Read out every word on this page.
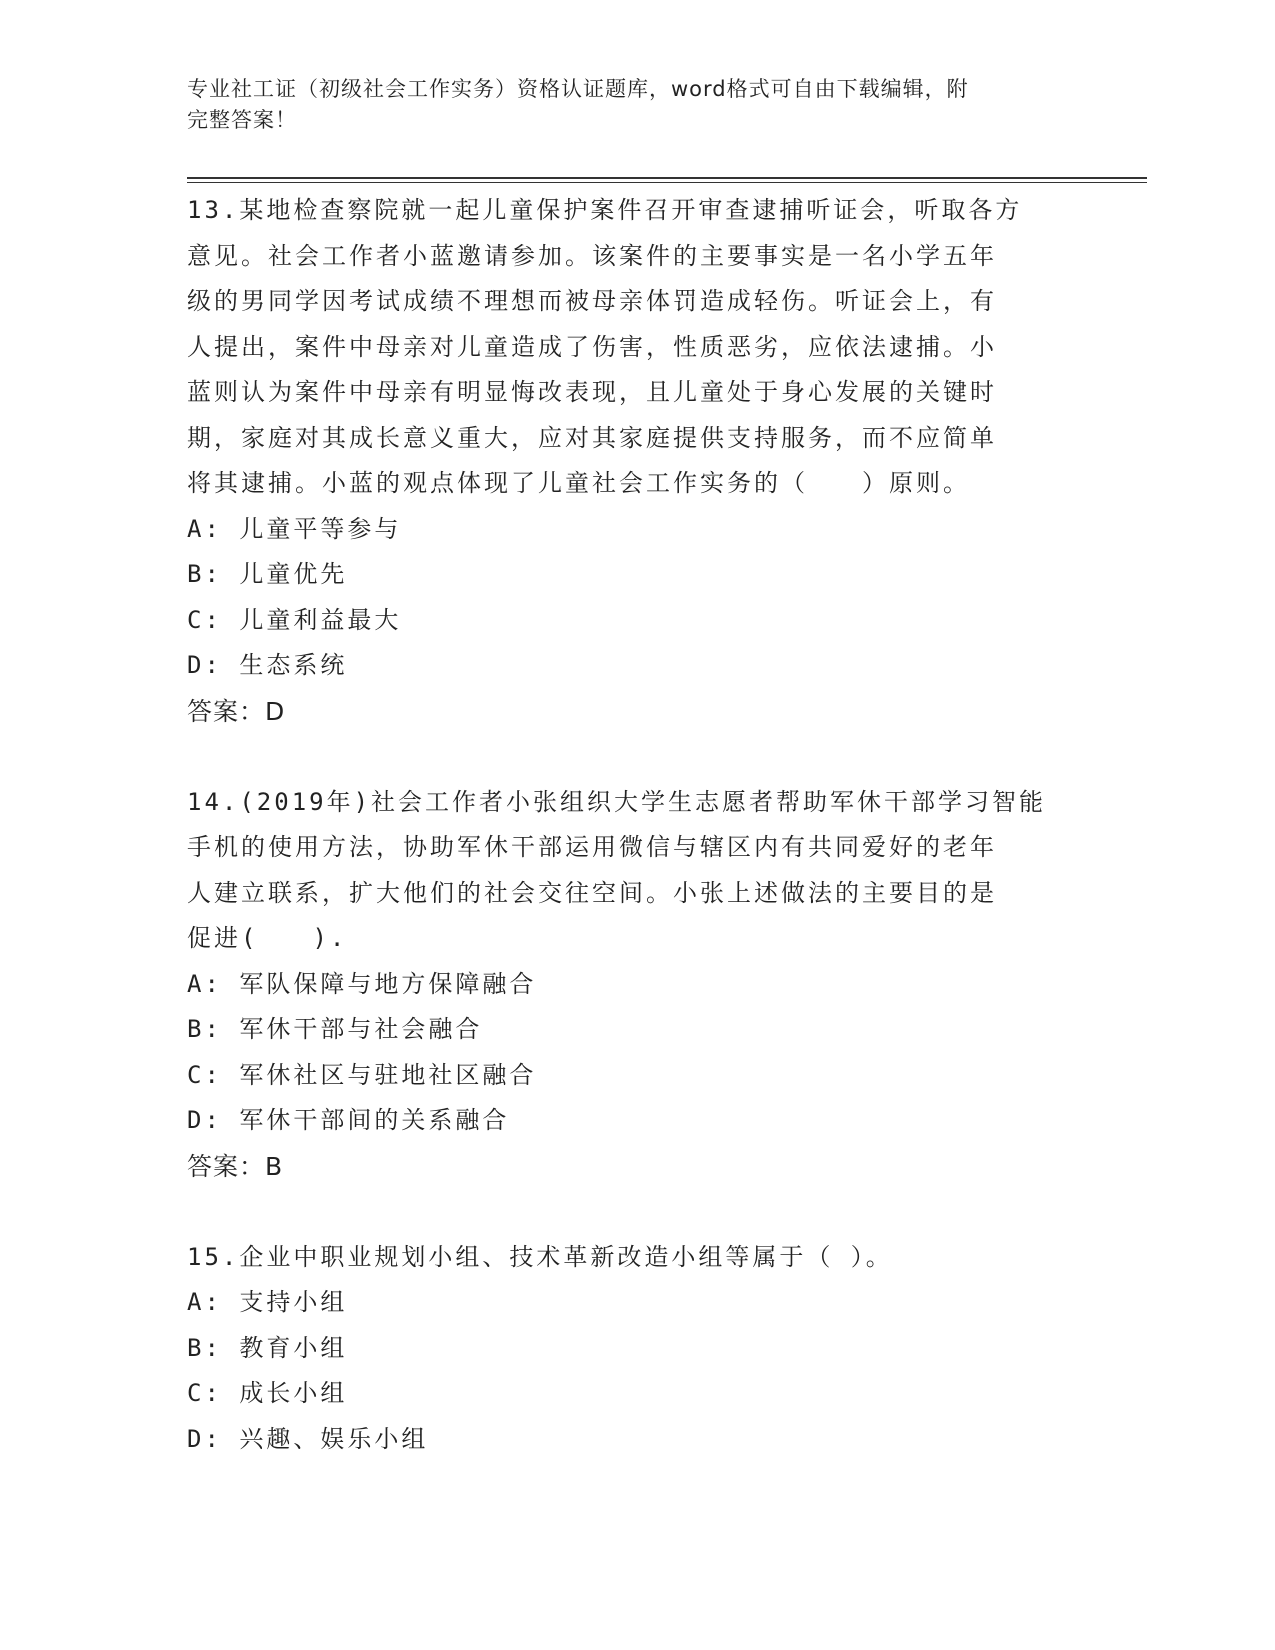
专业社工证（初级社会工作实务）资格认证题库，word格式可自由下载编辑，附
完整答案！
13.某地检查察院就一起儿童保护案件召开审查逮捕听证会，听取各方
意见。社会工作者小蓝邀请参加。该案件的主要事实是一名小学五年
级的男同学因考试成绩不理想而被母亲体罚造成轻伤。听证会上，有
人提出，案件中母亲对儿童造成了伤害，性质恶劣，应依法逮捕。小
蓝则认为案件中母亲有明显悔改表现，且儿童处于身心发展的关键时
期，家庭对其成长意义重大，应对其家庭提供支持服务，而不应简单
将其逮捕。小蓝的观点体现了儿童社会工作实务的（　　）原则。
A: 儿童平等参与
B: 儿童优先
C: 儿童利益最大
D: 生态系统
答案：D
14.(2019年)社会工作者小张组织大学生志愿者帮助军休干部学习智能
手机的使用方法，协助军休干部运用微信与辖区内有共同爱好的老年
人建立联系，扩大他们的社会交往空间。小张上述做法的主要目的是
促进(　　).
A: 军队保障与地方保障融合
B: 军休干部与社会融合
C: 军休社区与驻地社区融合
D: 军休干部间的关系融合
答案：B
15.企业中职业规划小组、技术革新改造小组等属于（ ）。
A: 支持小组
B: 教育小组
C: 成长小组
D: 兴趣、娱乐小组
